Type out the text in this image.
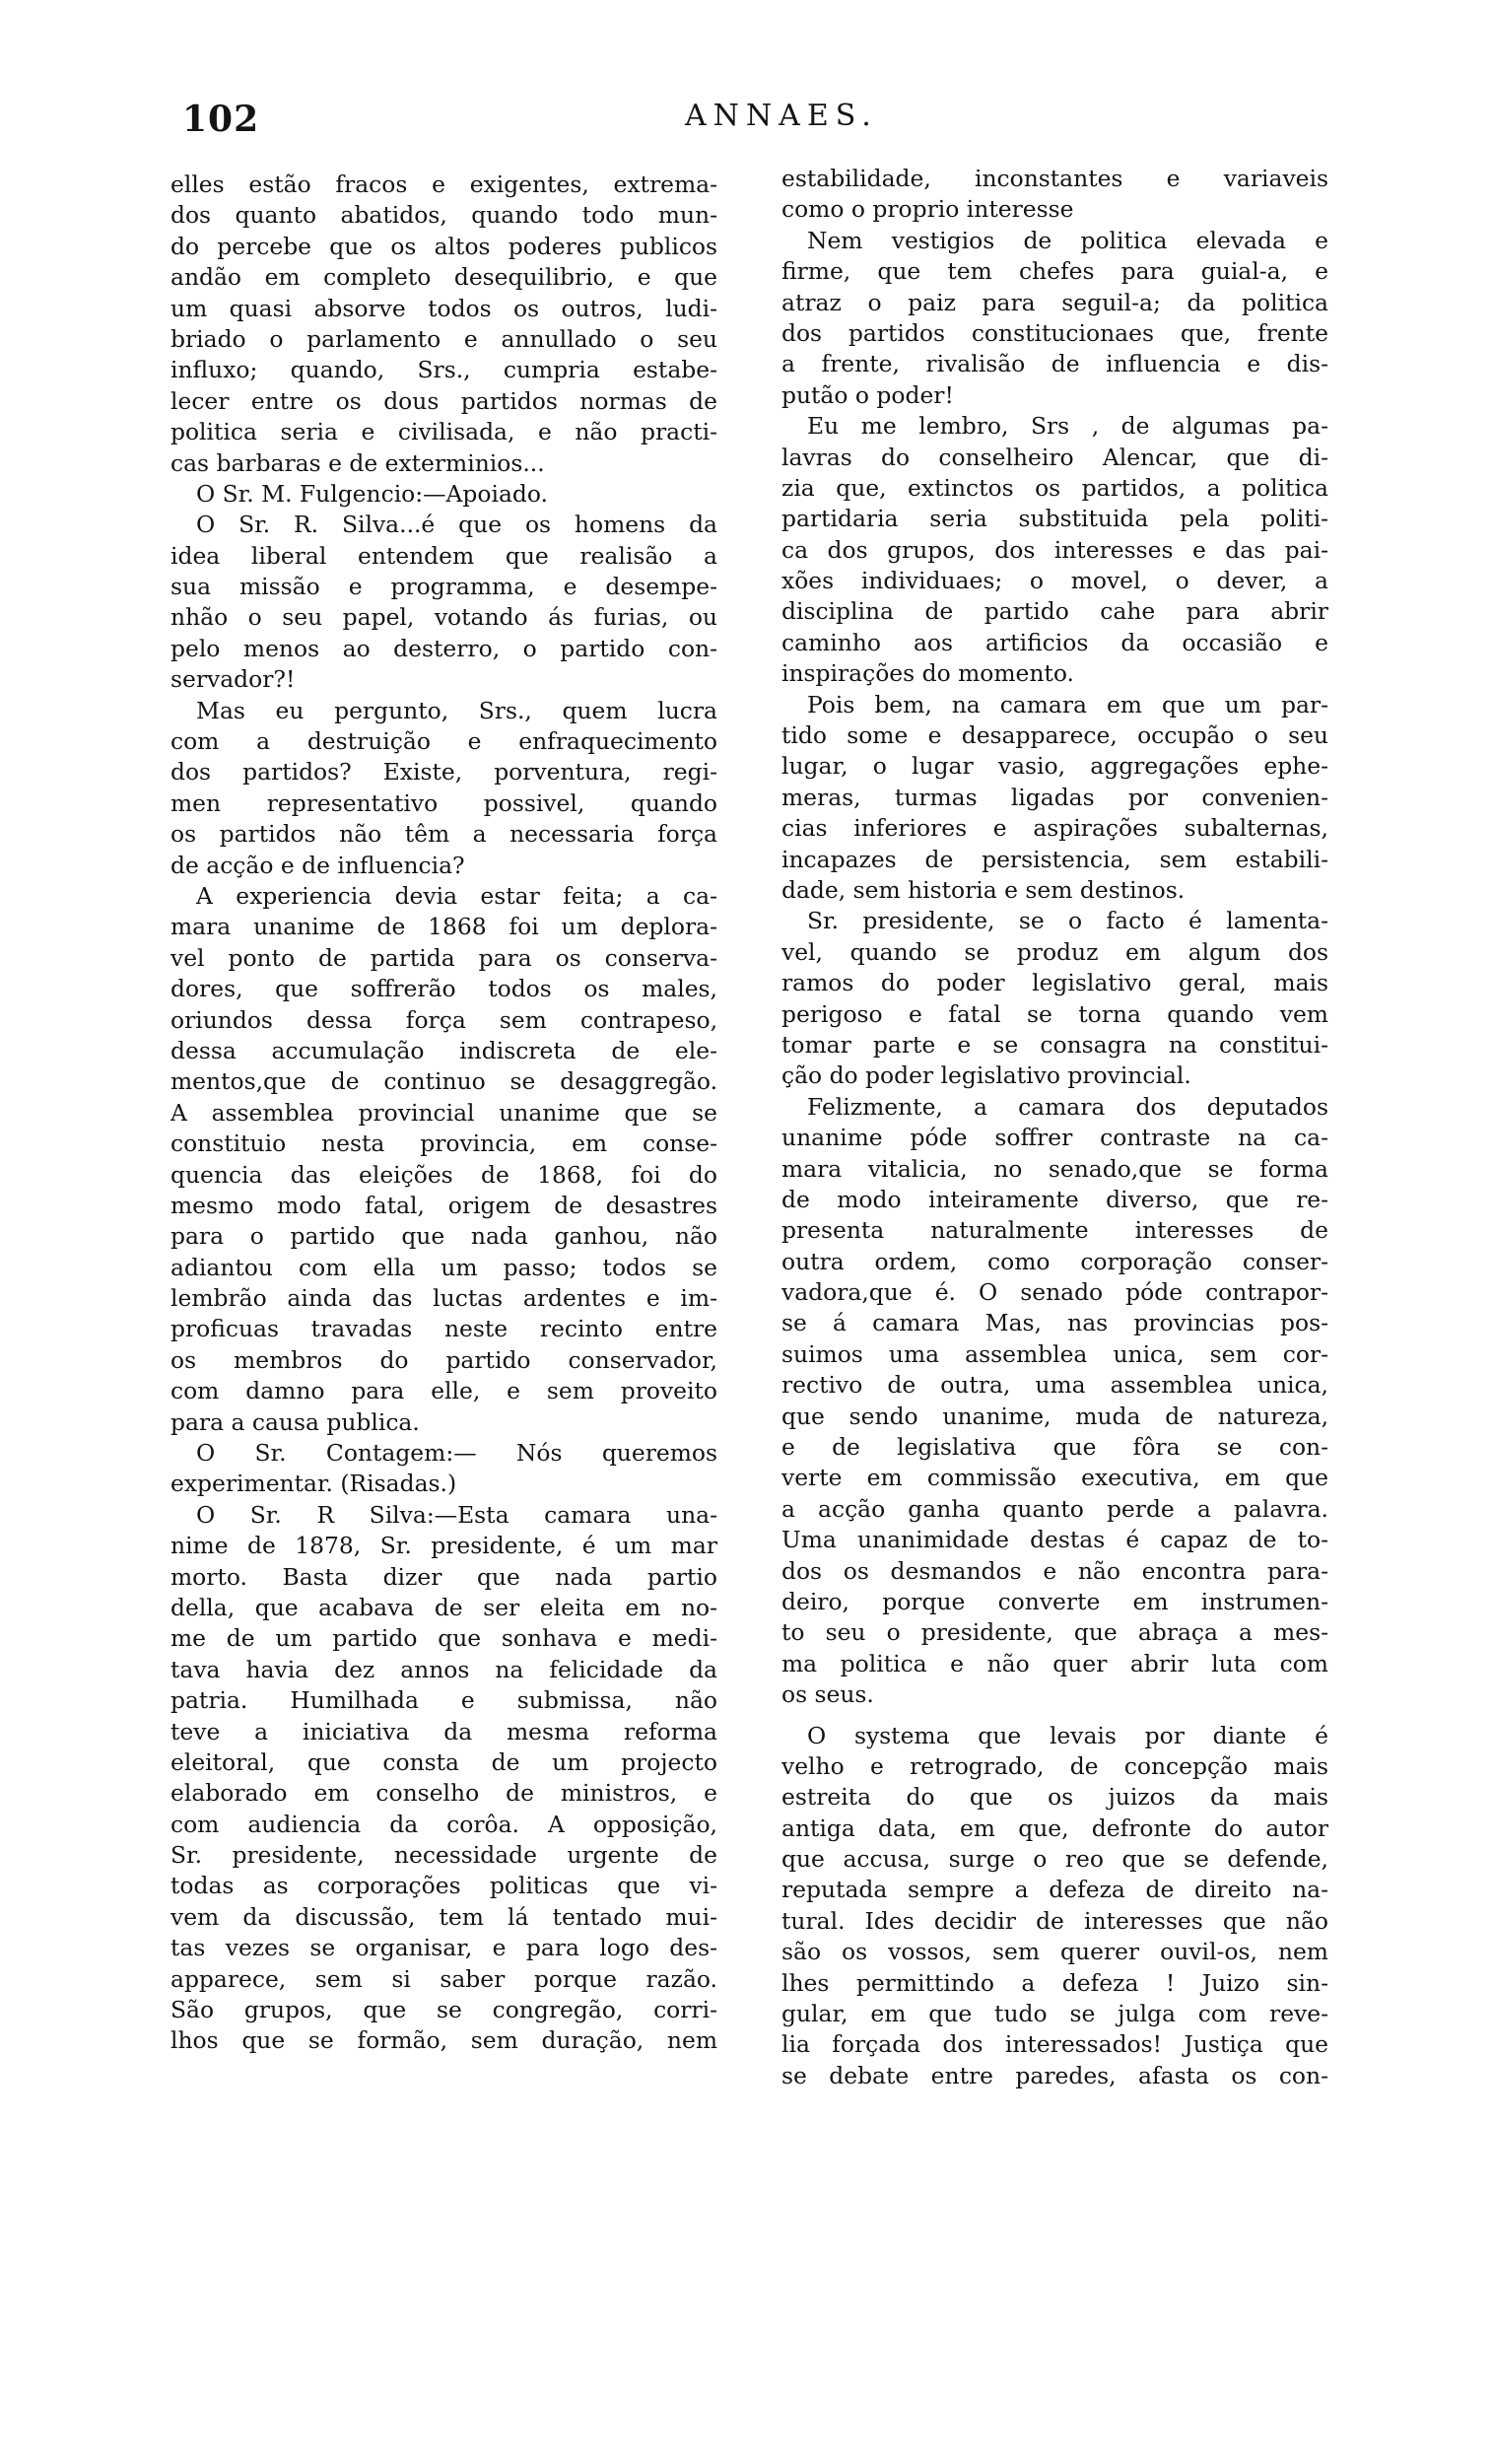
102	ANNAES.
elles estão fracos e exigentes, extrema-
dos quanto abatidos, quando todo mun-
do percebe que os altos poderes publicos
andão em completo desequilibrio, e que
um quasi absorve todos os outros, ludi-
briado o parlamento e annullado o seu
influxo; quando, Srs., cumpria estabe-
lecer entre os dous partidos normas de
politica seria e civilisada, e não practi-
cas barbaras e de exterminios...
O Sr. M. Fulgencio:—Apoiado.
O Sr. R. Silva...é que os homens da
idea liberal entendem que realisão a
sua missão e programma, e desempe-
nhão o seu papel, votando ás furias, ou
pelo menos ao desterro, o partido con-
servador?!
Mas eu pergunto, Srs., quem lucra
com a destruição e enfraquecimento
dos partidos? Existe, porventura, regi-
men representativo possivel, quando
os partidos não têm a necessaria força
de acção e de influencia?
A experiencia devia estar feita; a ca-
mara unanime de 1868 foi um deplora-
vel ponto de partida para os conserva-
dores, que soffrerão todos os males,
oriundos dessa força sem contrapeso,
dessa accumulação indiscreta de ele-
mentos,que de continuo se desaggregão.
A assemblea provincial unanime que se
constituio nesta provincia, em conse-
quencia das eleições de 1868, foi do
mesmo modo fatal, origem de desastres
para o partido que nada ganhou, não
adiantou com ella um passo; todos se
lembrão ainda das luctas ardentes e im-
proficuas travadas neste recinto entre
os membros do partido conservador,
com damno para elle, e sem proveito
para a causa publica.
O Sr. Contagem:— Nós queremos
experimentar. (Risadas.)
O Sr. R Silva:—Esta camara una-
nime de 1878, Sr. presidente, é um mar
morto. Basta dizer que nada partio
della, que acabava de ser eleita em no-
me de um partido que sonhava e medi-
tava havia dez annos na felicidade da
patria. Humilhada e submissa, não
teve a iniciativa da mesma reforma
eleitoral, que consta de um projecto
elaborado em conselho de ministros, e
com audiencia da corôa. A opposição,
Sr. presidente, necessidade urgente de
todas as corporações politicas que vi-
vem da discussão, tem lá tentado mui-
tas vezes se organisar, e para logo des-
apparece, sem si saber porque razão.
São grupos, que se congregão, corri-
lhos que se formão, sem duração, nem
estabilidade, inconstantes e variaveis
como o proprio interesse
Nem vestigios de politica elevada e
firme, que tem chefes para guial-a, e
atraz o paiz para seguil-a; da politica
dos partidos constitucionaes que, frente
a frente, rivalisão de influencia e dis-
putão o poder!
Eu me lembro, Srs , de algumas pa-
lavras do conselheiro Alencar, que di-
zia que, extinctos os partidos, a politica
partidaria seria substituida pela politi-
ca dos grupos, dos interesses e das pai-
xões individuaes; o movel, o dever, a
disciplina de partido cahe para abrir
caminho aos artificios da occasião e
inspirações do momento.
Pois bem, na camara em que um par-
tido some e desapparece, occupão o seu
lugar, o lugar vasio, aggregações ephe-
meras, turmas ligadas por convenien-
cias inferiores e aspirações subalternas,
incapazes de persistencia, sem estabili-
dade, sem historia e sem destinos.
Sr. presidente, se o facto é lamenta-
vel, quando se produz em algum dos
ramos do poder legislativo geral, mais
perigoso e fatal se torna quando vem
tomar parte e se consagra na constitui-
ção do poder legislativo provincial.
Felizmente, a camara dos deputados
unanime póde soffrer contraste na ca-
mara vitalicia, no senado,que se forma
de modo inteiramente diverso, que re-
presenta naturalmente interesses de
outra ordem, como corporação conser-
vadora,que é. O senado póde contrapor-
se á camara Mas, nas provincias pos-
suimos uma assemblea unica, sem cor-
rectivo de outra, uma assemblea unica,
que sendo unanime, muda de natureza,
e de legislativa que fôra se con-
verte em commissão executiva, em que
a acção ganha quanto perde a palavra.
Uma unanimidade destas é capaz de to-
dos os desmandos e não encontra para-
deiro, porque converte em instrumen-
to seu o presidente, que abraça a mes-
ma politica e não quer abrir luta com
os seus.
O systema que levais por diante é
velho e retrogrado, de concepção mais
estreita do que os juizos da mais
antiga data, em que, defronte do autor
que accusa, surge o reo que se defende,
reputada sempre a defeza de direito na-
tural. Ides decidir de interesses que não
são os vossos, sem querer ouvil-os, nem
lhes permittindo a defeza ! Juizo sin-
gular, em que tudo se julga com reve-
lia forçada dos interessados! Justiça que
se debate entre paredes, afasta os con-
